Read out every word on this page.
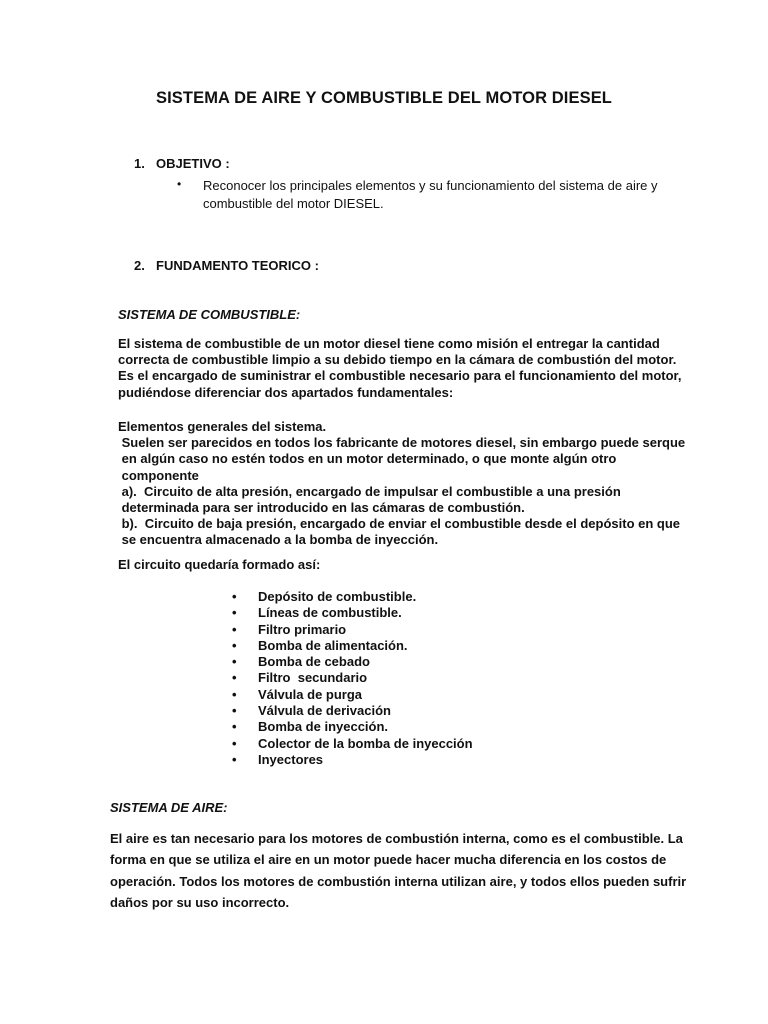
SISTEMA DE AIRE Y COMBUSTIBLE DEL MOTOR DIESEL
1. OBJETIVO :
• Reconocer los principales elementos y su funcionamiento del sistema de aire y
combustible del motor DIESEL.
2. FUNDAMENTO TEORICO :
SISTEMA DE COMBUSTIBLE:
El sistema de combustible de un motor diesel tiene como misión el entregar la cantidad
correcta de combustible limpio a su debido tiempo en la cámara de combustión del motor.
Es el encargado de suministrar el combustible necesario para el funcionamiento del motor,
pudiéndose diferenciar dos apartados fundamentales:
Elementos generales del sistema.
Suelen ser parecidos en todos los fabricante de motores diesel, sin embargo puede serque
en algún caso no estén todos en un motor determinado, o que monte algún otro
componente
a).  Circuito de alta presión, encargado de impulsar el combustible a una presión
determinada para ser introducido en las cámaras de combustión.
b).  Circuito de baja presión, encargado de enviar el combustible desde el depósito en que
se encuentra almacenado a la bomba de inyección.
El circuito quedaría formado así:
• Depósito de combustible.
• Líneas de combustible.
• Filtro primario
• Bomba de alimentación.
• Bomba de cebado
• Filtro  secundario
• Válvula de purga
• Válvula de derivación
• Bomba de inyección.
• Colector de la bomba de inyección
• Inyectores
SISTEMA DE AIRE:
El aire es tan necesario para los motores de combustión interna, como es el combustible. La
forma en que se utiliza el aire en un motor puede hacer mucha diferencia en los costos de
operación. Todos los motores de combustión interna utilizan aire, y todos ellos pueden sufrir
daños por su uso incorrecto.
